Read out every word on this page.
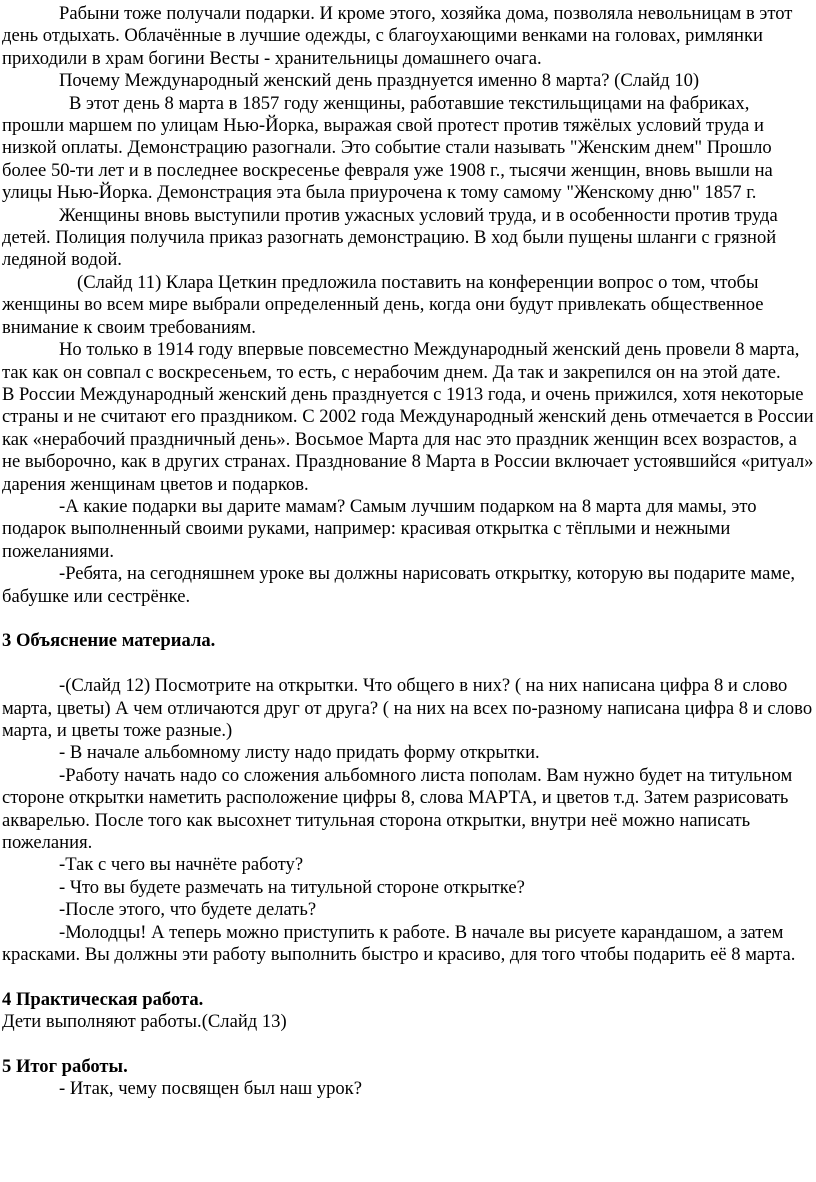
Рабыни тоже получали подарки. И кроме этого, хозяйка дома, позволяла невольницам в этот день отдыхать. Облачённые в лучшие одежды, с благоухающими венками на головах, римлянки приходили в храм богини Весты - хранительницы домашнего очага.

Почему Международный женский день празднуется именно 8 марта? (Слайд 10)

В этот день 8 марта в 1857 году женщины, работавшие текстильщицами на фабриках, прошли маршем по улицам Нью-Йорка, выражая свой протест против тяжёлых условий труда и низкой оплаты. Демонстрацию разогнали. Это событие стали называть "Женским днем" Прошло более 50-ти лет и в последнее воскресенье февраля уже 1908 г., тысячи женщин, вновь вышли на улицы Нью-Йорка. Демонстрация эта была приурочена к тому самому "Женскому дню" 1857 г.

Женщины вновь выступили против ужасных условий труда, и в особенности против труда детей. Полиция получила приказ разогнать демонстрацию. В ход были пущены шланги с грязной ледяной водой.

(Слайд 11) Клара Цеткин предложила поставить на конференции вопрос о том, чтобы женщины во всем мире выбрали определенный день, когда они будут привлекать общественное внимание к своим требованиям.

Но только в 1914 году впервые повсеместно Международный женский день провели 8 марта, так как он совпал с воскресеньем, то есть, с нерабочим днем. Да так и закрепился он на этой дате.

В России Международный женский день празднуется с 1913 года, и очень прижился, хотя некоторые страны и не считают его праздником. С 2002 года Международный женский день отмечается в России как «нерабочий праздничный день». Восьмое Марта для нас это праздник женщин всех возрастов, а не выборочно, как в других странах. Празднование 8 Марта в России включает устоявшийся «ритуал» дарения женщинам цветов и подарков.

-А какие подарки вы дарите мамам? Самым лучшим подарком на 8 марта для мамы, это подарок выполненный своими руками, например: красивая открытка с тёплыми и нежными пожеланиями.

-Ребята, на сегодняшнем уроке вы должны нарисовать открытку, которую вы подарите маме, бабушке или сестрёнке.

3 Объяснение материала.

-(Слайд 12) Посмотрите на открытки. Что общего в них? ( на них написана цифра 8 и слово марта, цветы) А чем отличаются друг от друга? ( на них на всех по-разному написана цифра 8 и слово марта, и цветы тоже разные.)

- В начале альбомному листу надо придать форму открытки.

-Работу начать надо со сложения альбомного листа пополам. Вам нужно будет на титульном стороне открытки наметить расположение цифры 8, слова МАРТА, и цветов т.д. Затем разрисовать акварелью. После того как высохнет титульная сторона открытки, внутри неё можно написать пожелания.

-Так с чего вы начнёте работу?

- Что вы будете размечать на титульной стороне открытке?

-После этого, что будете делать?

-Молодцы! А теперь можно приступить к работе. В начале вы рисуете карандашом, а затем красками. Вы должны эти работу выполнить быстро и красиво, для того чтобы подарить её 8 марта.

4 Практическая работа.

Дети выполняют работы.(Слайд 13)

5 Итог работы.

- Итак, чему посвящен был наш урок?
